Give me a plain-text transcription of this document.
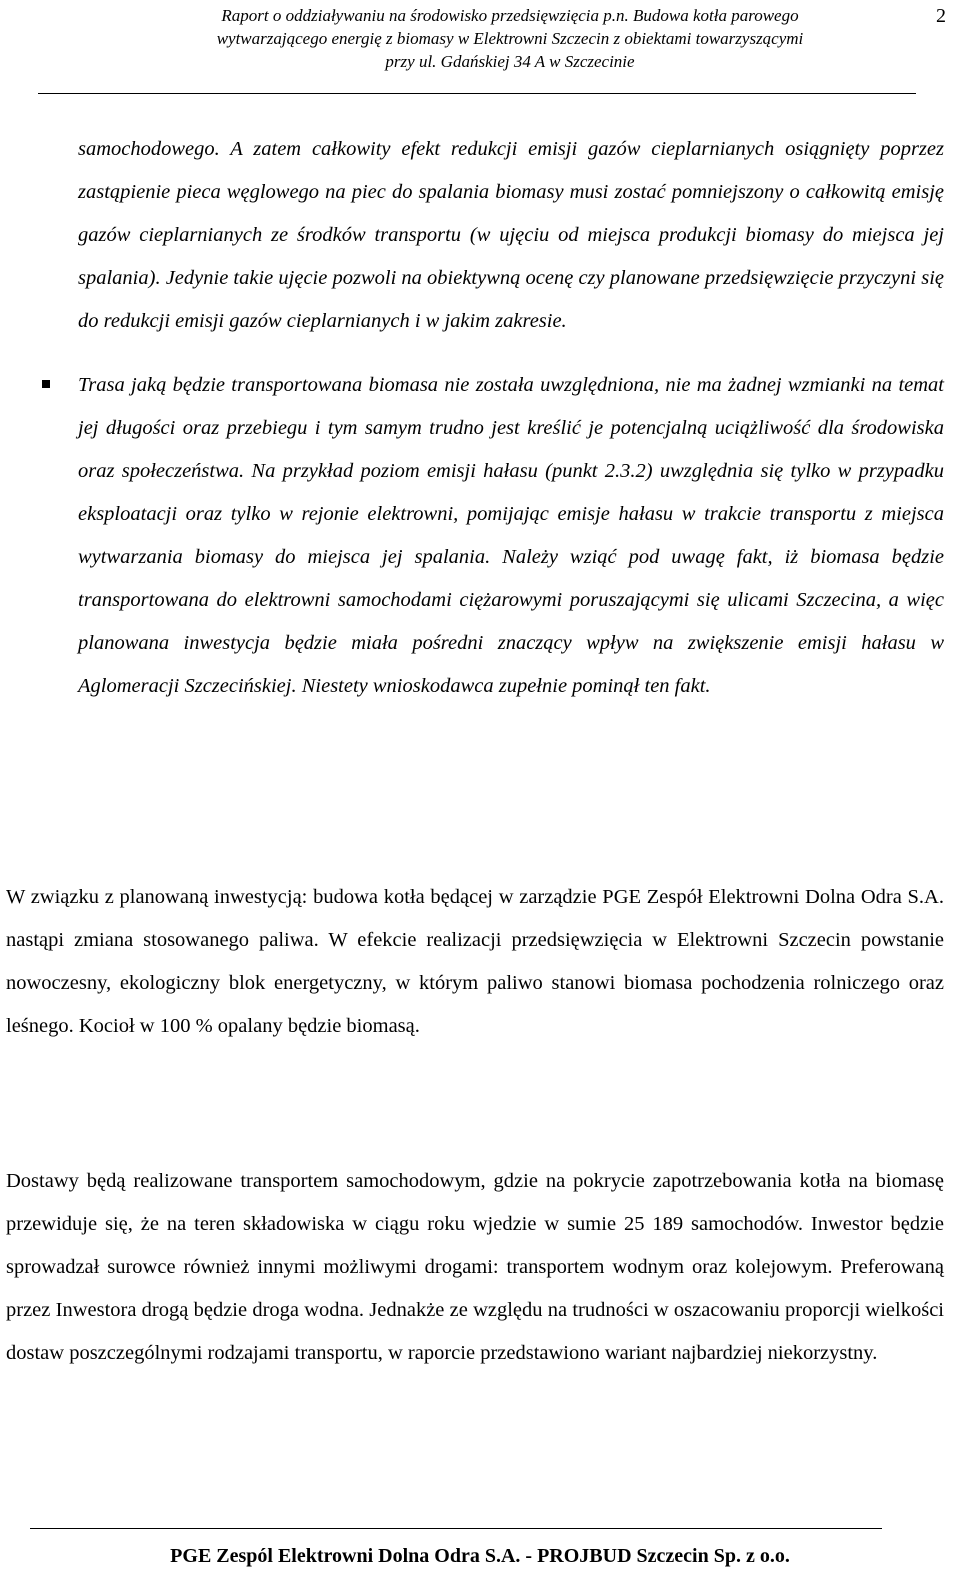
Raport o oddziaływaniu na środowisko przedsięwzięcia p.n. Budowa kotła parowego
wytwarzającego energię z biomasy w Elektrowni Szczecin z obiektami towarzyszącymi
przy ul. Gdańskiej 34 A w Szczecinie
2

samochodowego. A zatem całkowity efekt redukcji emisji gazów cieplarnianych osiągnięty poprzez zastąpienie pieca węglowego na piec do spalania biomasy musi zostać pomniejszony o całkowitą emisję gazów cieplarnianych ze środków transportu (w ujęciu od miejsca produkcji biomasy do miejsca jej spalania). Jedynie takie ujęcie pozwoli na obiektywną ocenę czy planowane przedsięwzięcie przyczyni się do redukcji emisji gazów cieplarnianych i w jakim zakresie.

Trasa jaką będzie transportowana biomasa nie została uwzględniona, nie ma żadnej wzmianki na temat jej długości oraz przebiegu i tym samym trudno jest kreślić je potencjalną uciążliwość dla środowiska oraz społeczeństwa. Na przykład poziom emisji hałasu (punkt 2.3.2) uwzględnia się tylko w przypadku eksploatacji oraz tylko w rejonie elektrowni, pomijając emisje hałasu w trakcie transportu z miejsca wytwarzania biomasy do miejsca jej spalania. Należy wziąć pod uwagę fakt, iż biomasa będzie transportowana do elektrowni samochodami ciężarowymi poruszającymi się ulicami Szczecina, a więc planowana inwestycja będzie miała pośredni znaczący wpływ na zwiększenie emisji hałasu w Aglomeracji Szczecińskiej. Niestety wnioskodawca zupełnie pominął ten fakt.

W związku z planowaną inwestycją: budowa kotła będącej w zarządzie PGE Zespół Elektrowni Dolna Odra S.A. nastąpi zmiana stosowanego paliwa. W efekcie realizacji przedsięwzięcia w Elektrowni Szczecin powstanie nowoczesny, ekologiczny blok energetyczny, w którym paliwo stanowi biomasa pochodzenia rolniczego oraz leśnego. Kocioł w 100 % opalany będzie biomasą.

Dostawy będą realizowane transportem samochodowym, gdzie na pokrycie zapotrzebowania kotła na biomasę przewiduje się, że na teren składowiska w ciągu roku wjedzie w sumie 25 189 samochodów. Inwestor będzie sprowadzał surowce również innymi możliwymi drogami: transportem wodnym oraz kolejowym. Preferowaną przez Inwestora drogą będzie droga wodna. Jednakże ze względu na trudności w oszacowaniu proporcji wielkości dostaw poszczególnymi rodzajami transportu, w raporcie przedstawiono wariant najbardziej niekorzystny.

PGE Zespól Elektrowni Dolna Odra S.A. - PROJBUD Szczecin Sp. z o.o.
